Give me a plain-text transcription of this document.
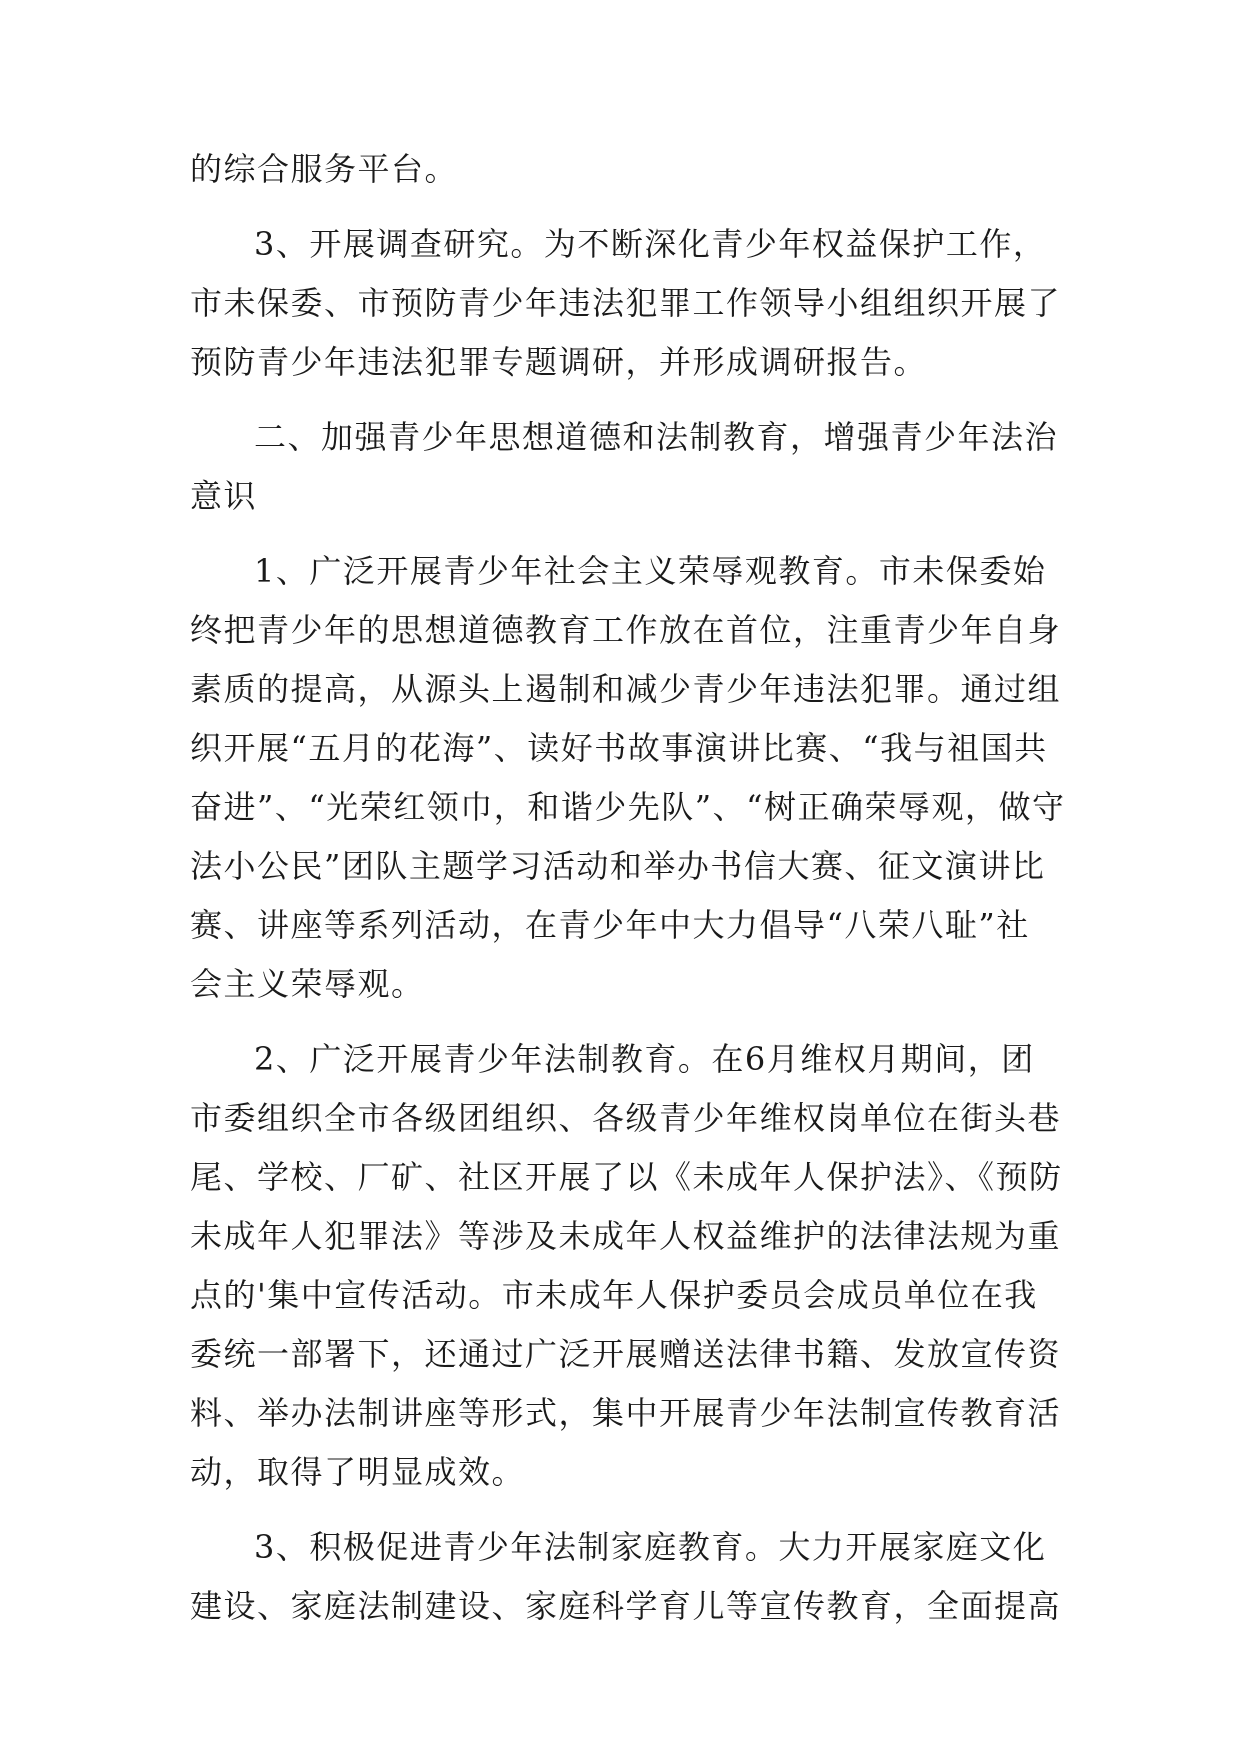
的综合服务平台。
3、开展调查研究。为不断深化青少年权益保护工作，
市未保委、市预防青少年违法犯罪工作领导小组组织开展了
预防青少年违法犯罪专题调研，并形成调研报告。
二、加强青少年思想道德和法制教育，增强青少年法治
意识
1、广泛开展青少年社会主义荣辱观教育。市未保委始
终把青少年的思想道德教育工作放在首位，注重青少年自身
素质的提高，从源头上遏制和减少青少年违法犯罪。通过组
织开展“五月的花海”、读好书故事演讲比赛、“我与祖国共
奋进”、“光荣红领巾，和谐少先队”、“树正确荣辱观，做守
法小公民”团队主题学习活动和举办书信大赛、征文演讲比
赛、讲座等系列活动，在青少年中大力倡导“八荣八耻”社
会主义荣辱观。
2、广泛开展青少年法制教育。在6月维权月期间，团
市委组织全市各级团组织、各级青少年维权岗单位在街头巷
尾、学校、厂矿、社区开展了以《未成年人保护法》、《预防
未成年人犯罪法》等涉及未成年人权益维护的法律法规为重
点的'集中宣传活动。市未成年人保护委员会成员单位在我
委统一部署下，还通过广泛开展赠送法律书籍、发放宣传资
料、举办法制讲座等形式，集中开展青少年法制宣传教育活
动，取得了明显成效。
3、积极促进青少年法制家庭教育。大力开展家庭文化
建设、家庭法制建设、家庭科学育儿等宣传教育，全面提高
